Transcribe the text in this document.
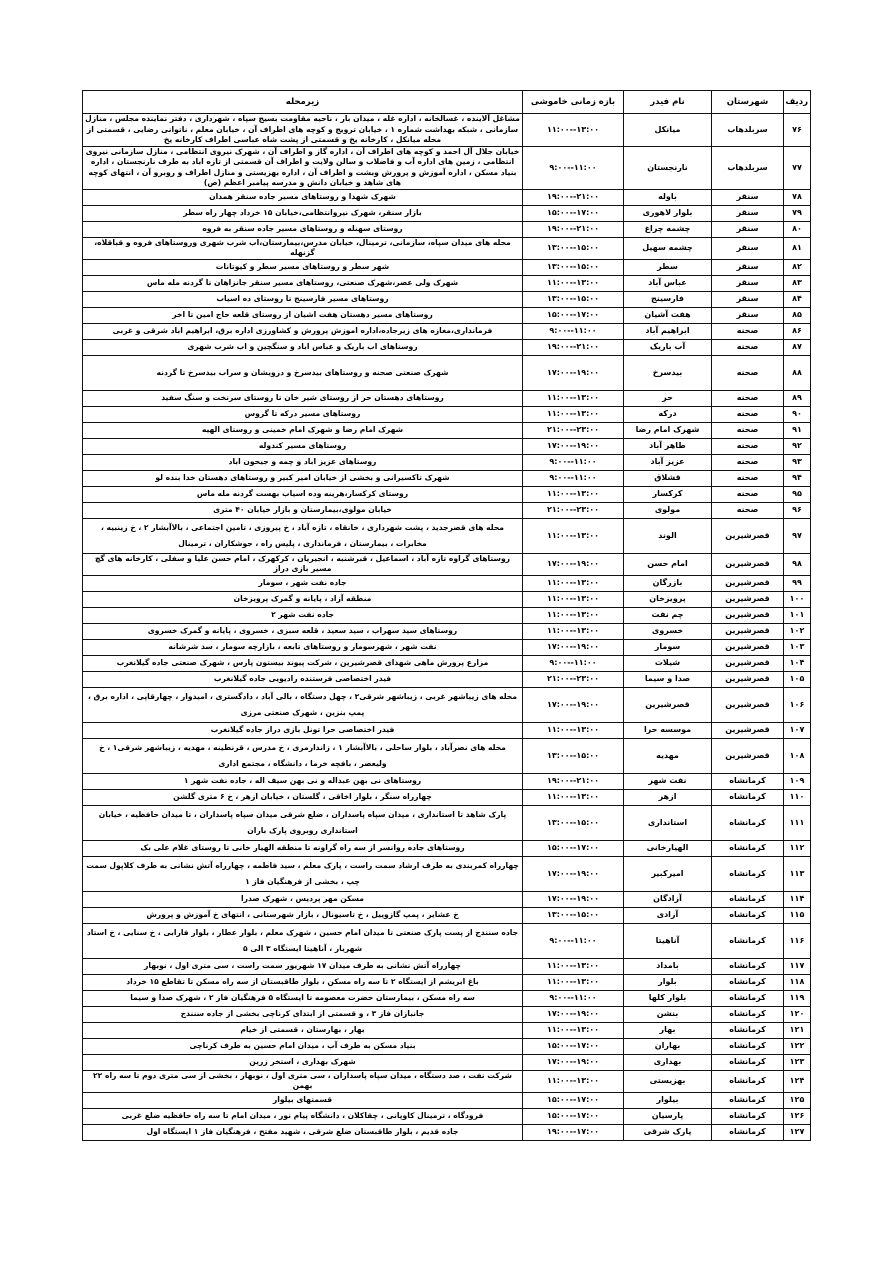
ردیف	شهرستان	نام فیدر	بازه زمانی خاموشی	زیرمحله
۷۶	سربلدهاب	میانکل	۱۳:۰۰--۱۱:۰۰	مشاغل آلاینده ، غسالخانه ، اداره غله ، میدان بار ، ناحیه مقاومت بسیج سپاه ، شهرداری ، دفتر نماینده مجلس ، منازل سازمانی ، شبکه بهداشت شماره ۱ ، خیابان ترویج و کوچه های اطراف آن ، خیابان معلم ، ناتوانی رضایی ، قسمتی از محله میانکل ، کارخانه یخ و قسمتی از پشت شاه عباسی اطراف کارخانه یخ
۷۷	سربلدهاب	نارنجستان	۱۱:۰۰--۹:۰۰	خیابان جلال آل احمد و کوچه های اطراف آن ، اداره گاز و اطراف آن ، شهرک نیروی انتظامی ، منازل سازمانی نیروی انتظامی ، زمین های اداره آب و فاضلاب و سالن ولایت و اطراف آن قسمتی از تازه اباد به طرف نارنجستان ، اداره بنیاد مسکن ، اداره آموزش و پرورش وبشت و اطراف آن ، اداره بهزیستی و منازل اطراف و روبرو آن ، انتهای کوچه های شاهد و خیابان دانش و مدرسه پیامبر اعظم (ص)
۷۸	سنقر	باوله	۲۱:۰۰--۱۹:۰۰	شهرک شهدا و روستاهای مسیر جاده سنقر همدان
۷۹	سنقر	بلوار لاهوری	۱۷:۰۰--۱۵:۰۰	بازار سنقر، شهرک نیروانتظامی،خیابان ۱۵ خرداد چهار راه سطر
۸۰	سنقر	چشمه چراغ	۲۱:۰۰--۱۹:۰۰	روستای سهنله و روستاهای مسیر جاده سنقر به فروه
۸۱	سنقر	چشمه سهیل	۱۵:۰۰--۱۳:۰۰	محله های میدان سپاه، سازمانی، ترمینال، خیابان مدرس،بیمارستان،اب شرب شهری وروستاهای فروه و قباقلاه، گزنهله
۸۲	سنقر	سطر	۱۵:۰۰--۱۳:۰۰	شهر سطر و روستاهای مسیر سطر و کیوتانات
۸۳	سنقر	عباس آباد	۱۳:۰۰--۱۱:۰۰	شهرک ولی عصر،شهرک صنعتی، روستاهای مسیر سنقر جانزاهان تا گردنه مله ماس
۸۴	سنقر	فارسینج	۱۵:۰۰--۱۳:۰۰	روستاهای مسیر فارسینج تا روستای ده اسیاب
۸۵	سنقر	هفت آشیان	۱۷:۰۰--۱۵:۰۰	روستاهای مسیر دهستان هفت اشیان از روستای قلعه حاج امین تا اخر
۸۶	صحنه	ابراهیم آباد	۱۱:۰۰--۹:۰۰	فرمانداری،مغازه های زیرجاده،اداره اموزش پرورش و کشاورزی اداره برق، ابراهیم اباد شرقی و غربی
۸۷	صحنه	آب باریک	۲۱:۰۰--۱۹:۰۰	روستاهای اب باریک و عباس اباد و سنگچین و اب شرب شهری
۸۸	صحنه	بیدسرخ	۱۹:۰۰--۱۷:۰۰	شهرک صنعتی صحنه و روستاهای بیدسرخ و درویشان و سراب بیدسرخ تا گردنه
۸۹	صحنه	حر	۱۳:۰۰--۱۱:۰۰	روستاهای دهستان حر از روستای شیر خان تا روستای سرنخت و سنگ سفید
۹۰	صحنه	درکه	۱۳:۰۰--۱۱:۰۰	روستاهای مسیر درکه تا گروس
۹۱	صحنه	شهرک امام رضا	۲۳:۰۰--۲۱:۰۰	شهرک امام رضا و شهرک امام خمینی و روستای الهیه
۹۲	صحنه	طاهر آباد	۱۹:۰۰--۱۷:۰۰	روستاهای مسیر کندوله
۹۳	صحنه	عزیز آباد	۱۱:۰۰--۹:۰۰	روستاهای عزیز اباد و چمه و جیحون اباد
۹۴	صحنه	قشلاق	۱۱:۰۰--۹:۰۰	شهرک تاکسیرانی و بخشی از خیابان امیر کبیر و روستاهای دهستان خدا بنده لو
۹۵	صحنه	کرکسار	۱۳:۰۰--۱۱:۰۰	روستای کرکسار،هرینه وده اسیاب بهست گردنه مله ماس
۹۶	صحنه	مولوی	۲۳:۰۰--۲۱:۰۰	خیابان مولوی،بیمارستان و بازار خیابان ۴۰ متری
۹۷	قصرشیرین	الوند	۱۳:۰۰--۱۱:۰۰	محله های قصرجدید ، پشت شهرداری ، خانقاه ، تازه آباد ، خ پیروزی ، تامین اجتماعی ، بالاآبشار ۲ ، خ زینبیه ، مخابرات ، بیمارستان ، فرمانداری ، پلیس راه ، جوشکاران ، ترمینال
۹۸	قصرشیرین	امام حسن	۱۹:۰۰--۱۷:۰۰	روستاهای گراوه تازه آباد ، اسماعیل ، قبرشنبه ، انجیریان ، کرکهرک ، امام حسن علیا و سفلی ، کارخانه های گچ مسیر بازی دراز
۹۹	قصرشیرین	بازرگان	۱۳:۰۰--۱۱:۰۰	جاده نفت شهر ، سومار
۱۰۰	قصرشیرین	پرویزخان	۱۳:۰۰--۱۱:۰۰	منطقه آزاد ، پایانه و گمرک پرویزخان
۱۰۱	قصرشیرین	چم نفت	۱۳:۰۰--۱۱:۰۰	جاده نفت شهر ۲
۱۰۲	قصرشیرین	خسروی	۱۳:۰۰--۱۱:۰۰	روستاهای سید سهراب ، سید سعید ، قلعه سبزی ، خسروی ، پایانه و گمرک خسروی
۱۰۳	قصرشیرین	سومار	۱۹:۰۰--۱۷:۰۰	نفت شهر ، شهرسومار و روستاهای تابعه ، بازارچه سومار ، سد شرشانه
۱۰۴	قصرشیرین	شیلات	۱۱:۰۰--۹:۰۰	مزارع پرورش ماهی شهدای قصرشیرین ، شرکت پیوند بیستون پارس ، شهرک صنعتی جاده گیلانغرب
۱۰۵	قصرشیرین	صدا و سیما	۲۳:۰۰--۲۱:۰۰	فیدر اختصاصی فرستنده رادیویی جاده گیلانغرب
۱۰۶	قصرشیرین	قصرشیرین	۱۹:۰۰--۱۷:۰۰	محله های زیباشهر غربی ، زیباشهر شرقی۲ ، چهل دستگاه ، بالی آباد ، دادگستری ، امیدوار ، چهارقاپی ، اداره برق ، پمپ بنزین ، شهرک صنعتی مرزی
۱۰۷	قصرشیرین	موسسه حرا	۱۳:۰۰--۱۱:۰۰	فیدر اختصاصی حرا تونل بازی دراز جاده گیلانغرب
۱۰۸	قصرشیرین	مهدیه	۱۵:۰۰--۱۳:۰۰	محله های نصرآباد ، بلوار ساحلی ، بالاآبشار ۱ ، زاندارمری ، خ مدرس ، قرنطینه ، مهدیه ، زیباشهر شرقی۱ ، خ ولیعصر ، بافچه خرما ، دانشگاه ، مجتمع اداری
۱۰۹	کرمانشاه	نفت شهر	۲۱:۰۰--۱۹:۰۰	روستاهای نی بهن عبداله و نی بهن سیف اله ، جاده نفت شهر ۱
۱۱۰	کرمانشاه	ازهر	۱۳:۰۰--۱۱:۰۰	چهارراه سنگر ، بلوار اخاقی ، گلستان ، خیابان ازهر ، خ ۶ متری گلشن
۱۱۱	کرمانشاه	استانداری	۱۵:۰۰--۱۳:۰۰	پارک شاهد تا استانداری ، میدان سپاه پاسداران ، ضلع شرقی میدان سپاه پاسداران ، تا میدان حافظیه ، خیابان استانداری روبروی پارک باران
۱۱۲	کرمانشاه	الهیارخانی	۱۷:۰۰--۱۵:۰۰	روستاهای جاده روانسر از سه راه گراونه تا منطقه الهیار خانی تا روستای غلام علی بک
۱۱۳	کرمانشاه	امیرکبیر	۱۹:۰۰--۱۷:۰۰	چهارراه کمربندی به طرف ارشاد سمت راست ، پارک معلم ، سید فاطمه ، چهارراه آتش نشانی به طرف کلاپول سمت چپ ، بخشی از فرهنگیان فاز ۱
۱۱۴	کرمانشاه	آزادگان	۱۹:۰۰--۱۷:۰۰	مسکن مهر پردیس ، شهرک صدرا
۱۱۵	کرمانشاه	آزادی	۱۵:۰۰--۱۳:۰۰	خ عشایر ، پمپ گازوییل ، خ تاسیونال ، بازار شهرستانی ، انتهای خ آموزش و پرورش
۱۱۶	کرمانشاه	آناهیتا	۱۱:۰۰--۹:۰۰	جاده سنندج از پست پارک صنعتی تا میدان امام حسین ، شهرک معلم ، بلوار عطار ، بلوار فارابی ، خ سنایی ، خ استاد شهریار ، آناهیتا ایستگاه ۳ الی ۵
۱۱۷	کرمانشاه	بامداد	۱۳:۰۰--۱۱:۰۰	چهارراه آتش نشانی به طرف میدان ۱۷ شهریور سمت راست ، سی متری اول ، نوبهار
۱۱۸	کرمانشاه	بلوار	۱۳:۰۰--۱۱:۰۰	باغ ابریشم از ایستگاه ۲ تا سه راه مسکن ، بلوار طاقبستان از سه راه مسکن تا تقاطع ۱۵ خرداد
۱۱۹	کرمانشاه	بلوار کلها	۱۱:۰۰--۹:۰۰	سه راه مسکن ، بیمارستان حضرت معصومه تا ایستگاه ۵ فرهنگیان فاز ۲ ، شهرک صدا و سیما
۱۲۰	کرمانشاه	بنشن	۱۹:۰۰--۱۷:۰۰	جانبازان فاز ۳ ، و قسمتی از ابتدای کرناچی بخشی از جاده سنندج
۱۲۱	کرمانشاه	بهار	۱۳:۰۰--۱۱:۰۰	بهار ، بهارستان ، قسمتی از خیام
۱۲۲	کرمانشاه	بهاران	۱۷:۰۰--۱۵:۰۰	بنیاد مسکن به طرف آب ، میدان امام حسین به طرف کرناچی
۱۲۳	کرمانشاه	بهداری	۱۹:۰۰--۱۷:۰۰	شهرک بهداری ، استخر زرین
۱۲۴	کرمانشاه	بهزیستی	۱۳:۰۰--۱۱:۰۰	شرکت نفت ، صد دستگاه ، میدان سپاه پاسداران ، سی متری اول ، نوبهار ، بخشی از سی متری دوم تا سه راه ۲۲ بهمن
۱۲۵	کرمانشاه	بیلوار	۱۷:۰۰--۱۵:۰۰	قسمتهای بیلوار
۱۲۶	کرمانشاه	پارسیان	۱۷:۰۰--۱۵:۰۰	فرودگاه ، ترمینال کاوپانی ، چقاکلان ، دانشگاه پیام نور ، میدان امام تا سه راه حافظیه ضلع غربی
۱۲۷	کرمانشاه	پارک شرقی	۱۷:۰۰--۱۹:۰۰	جاده قدیم ، بلوار طاقبستان ضلع شرقی ، شهید مفتح ، فرهنگیان فاز ۱ ایستگاه اول
